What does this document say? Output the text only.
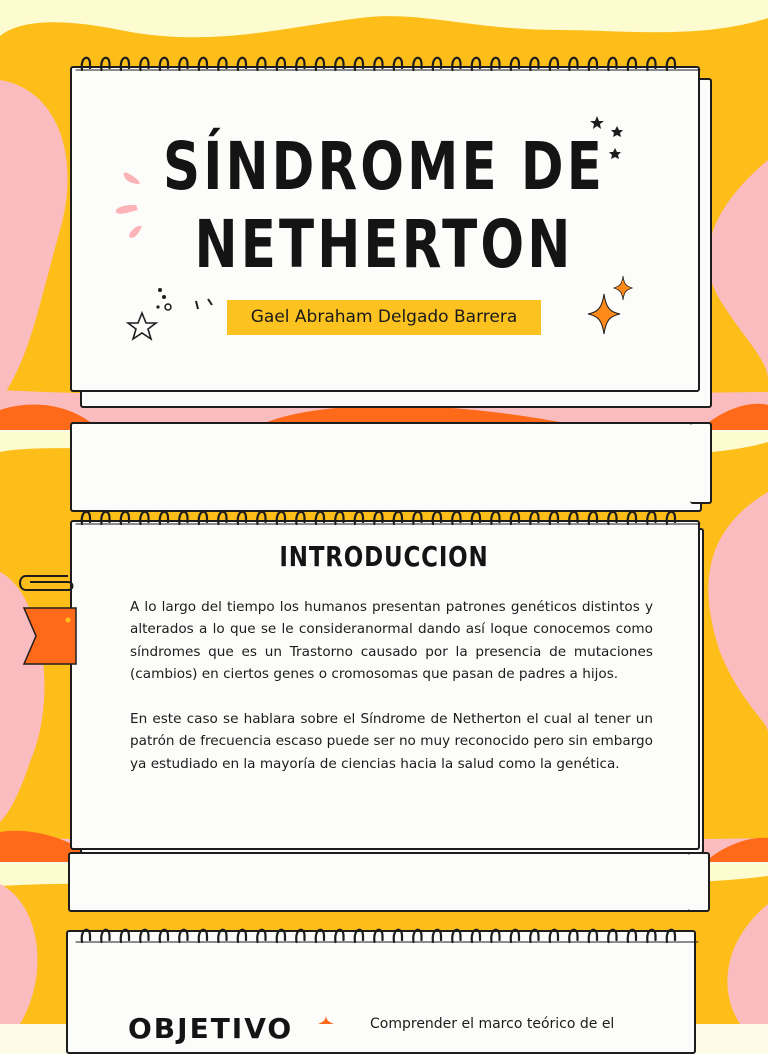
SÍNDROME DE
NETHERTON
Gael Abraham Delgado Barrera
INTRODUCCION

A lo largo del tiempo los humanos presentan patrones genéticos distintos y alterados a lo que se le consideranormal dando así loque conocemos como síndromes que es un Trastorno causado por la presencia de mutaciones (cambios) en ciertos genes o cromosomas que pasan de padres a hijos.

En este caso se hablara sobre el Síndrome de Netherton el cual al tener un patrón de frecuencia escaso puede ser no muy reconocido pero sin embargo ya estudiado en la mayoría de ciencias hacia la salud como la genética.

OBJETIVO	Comprender el marco teórico de el
